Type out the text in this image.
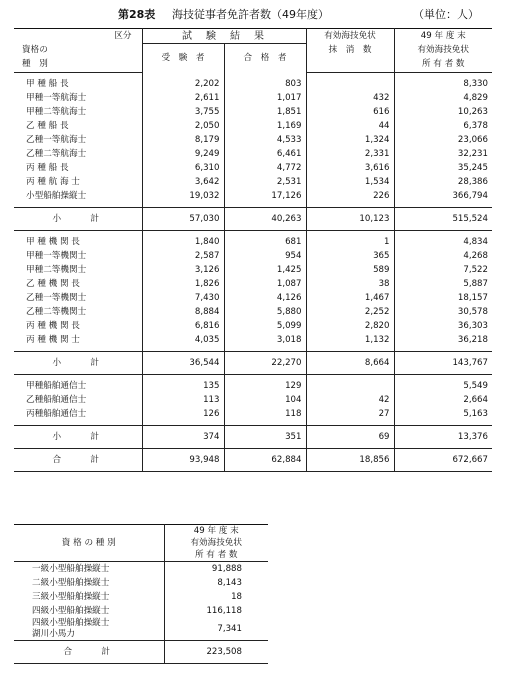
第28表 海技従事者免許者数（49年度）	（単位：人）
区分	試　験　結　果		有効海技免状	49 年 度 末
資格の	受　験　者	合　格　者	抹　消　数	有効海技免状
種　別				所 有 者 数

甲 種 船 長	2,202	803		8,330
甲種一等航海士	2,611	1,017	432	4,829
甲種二等航海士	3,755	1,851	616	10,263
乙 種 船 長	2,050	1,169	44	6,378
乙種一等航海士	8,179	4,533	1,324	23,066
乙種二等航海士	9,249	6,461	2,331	32,231
丙 種 船 長	6,310	4,772	3,616	35,245
丙 種 航 海 士	3,642	2,531	1,534	28,386
小型船舶操縦士	19,032	17,126	226	366,794

小　　計	57,030	40,263	10,123	515,524

甲 種 機 関 長	1,840	681	1	4,834
甲種一等機関士	2,587	954	365	4,268
甲種二等機関士	3,126	1,425	589	7,522
乙 種 機 関 長	1,826	1,087	38	5,887
乙種一等機関士	7,430	4,126	1,467	18,157
乙種二等機関士	8,884	5,880	2,252	30,578
丙 種 機 関 長	6,816	5,099	2,820	36,303
丙 種 機 関 士	4,035	3,018	1,132	36,218

小　　計	36,544	22,270	8,664	143,767

甲種船舶通信士	135	129		5,549
乙種船舶通信士	113	104	42	2,664
丙種船舶通信士	126	118	27	5,163

小　　計	374	351	69	13,376
合　　計	93,948	62,884	18,856	672,667
資 格 の 種 別	49 年 度 末
	有効海技免状
	所 有 者 数
一級小型船舶操縦士	91,888
二級小型船舶操縦士	8,143
三級小型船舶操縦士	18
四級小型船舶操縦士	116,118
四級小型船舶操縦士
湖川小馬力	7,341
合　　計	223,508
